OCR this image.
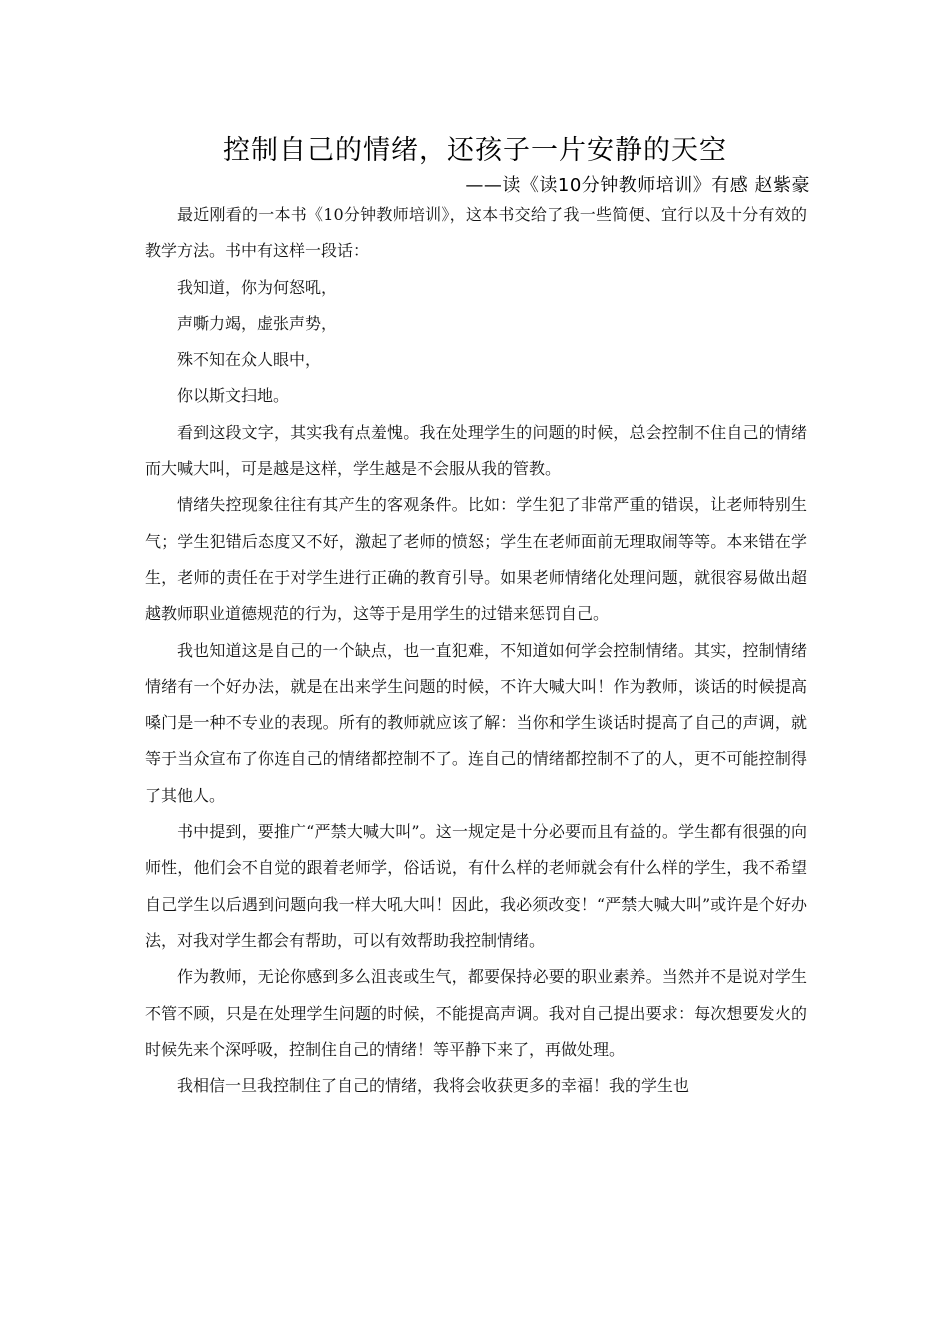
控制自己的情绪，还孩子一片安静的天空
——读《读10分钟教师培训》有感 赵紫豪

最近刚看的一本书《10分钟教师培训》，这本书交给了我一些简便、宜行以及十分有效的教学方法。书中有这样一段话：

我知道，你为何怒吼，

声嘶力竭，虚张声势，

殊不知在众人眼中，

你以斯文扫地。

看到这段文字，其实我有点羞愧。我在处理学生的问题的时候，总会控制不住自己的情绪而大喊大叫，可是越是这样，学生越是不会服从我的管教。

情绪失控现象往往有其产生的客观条件。比如：学生犯了非常严重的错误，让老师特别生气；学生犯错后态度又不好，激起了老师的愤怒；学生在老师面前无理取闹等等。本来错在学生，老师的责任在于对学生进行正确的教育引导。如果老师情绪化处理问题，就很容易做出超越教师职业道德规范的行为，这等于是用学生的过错来惩罚自己。

我也知道这是自己的一个缺点，也一直犯难，不知道如何学会控制情绪。其实，控制情绪情绪有一个好办法，就是在出来学生问题的时候，不许大喊大叫！作为教师，谈话的时候提高嗓门是一种不专业的表现。所有的教师就应该了解：当你和学生谈话时提高了自己的声调，就等于当众宣布了你连自己的情绪都控制不了。连自己的情绪都控制不了的人，更不可能控制得了其他人。

书中提到，要推广“严禁大喊大叫”。这一规定是十分必要而且有益的。学生都有很强的向师性，他们会不自觉的跟着老师学，俗话说，有什么样的老师就会有什么样的学生，我不希望自己学生以后遇到问题向我一样大吼大叫！因此，我必须改变！“严禁大喊大叫”或许是个好办法，对我对学生都会有帮助，可以有效帮助我控制情绪。

作为教师，无论你感到多么沮丧或生气，都要保持必要的职业素养。当然并不是说对学生不管不顾，只是在处理学生问题的时候，不能提高声调。我对自己提出要求：每次想要发火的时候先来个深呼吸，控制住自己的情绪！等平静下来了，再做处理。

我相信一旦我控制住了自己的情绪，我将会收获更多的幸福！我的学生也
